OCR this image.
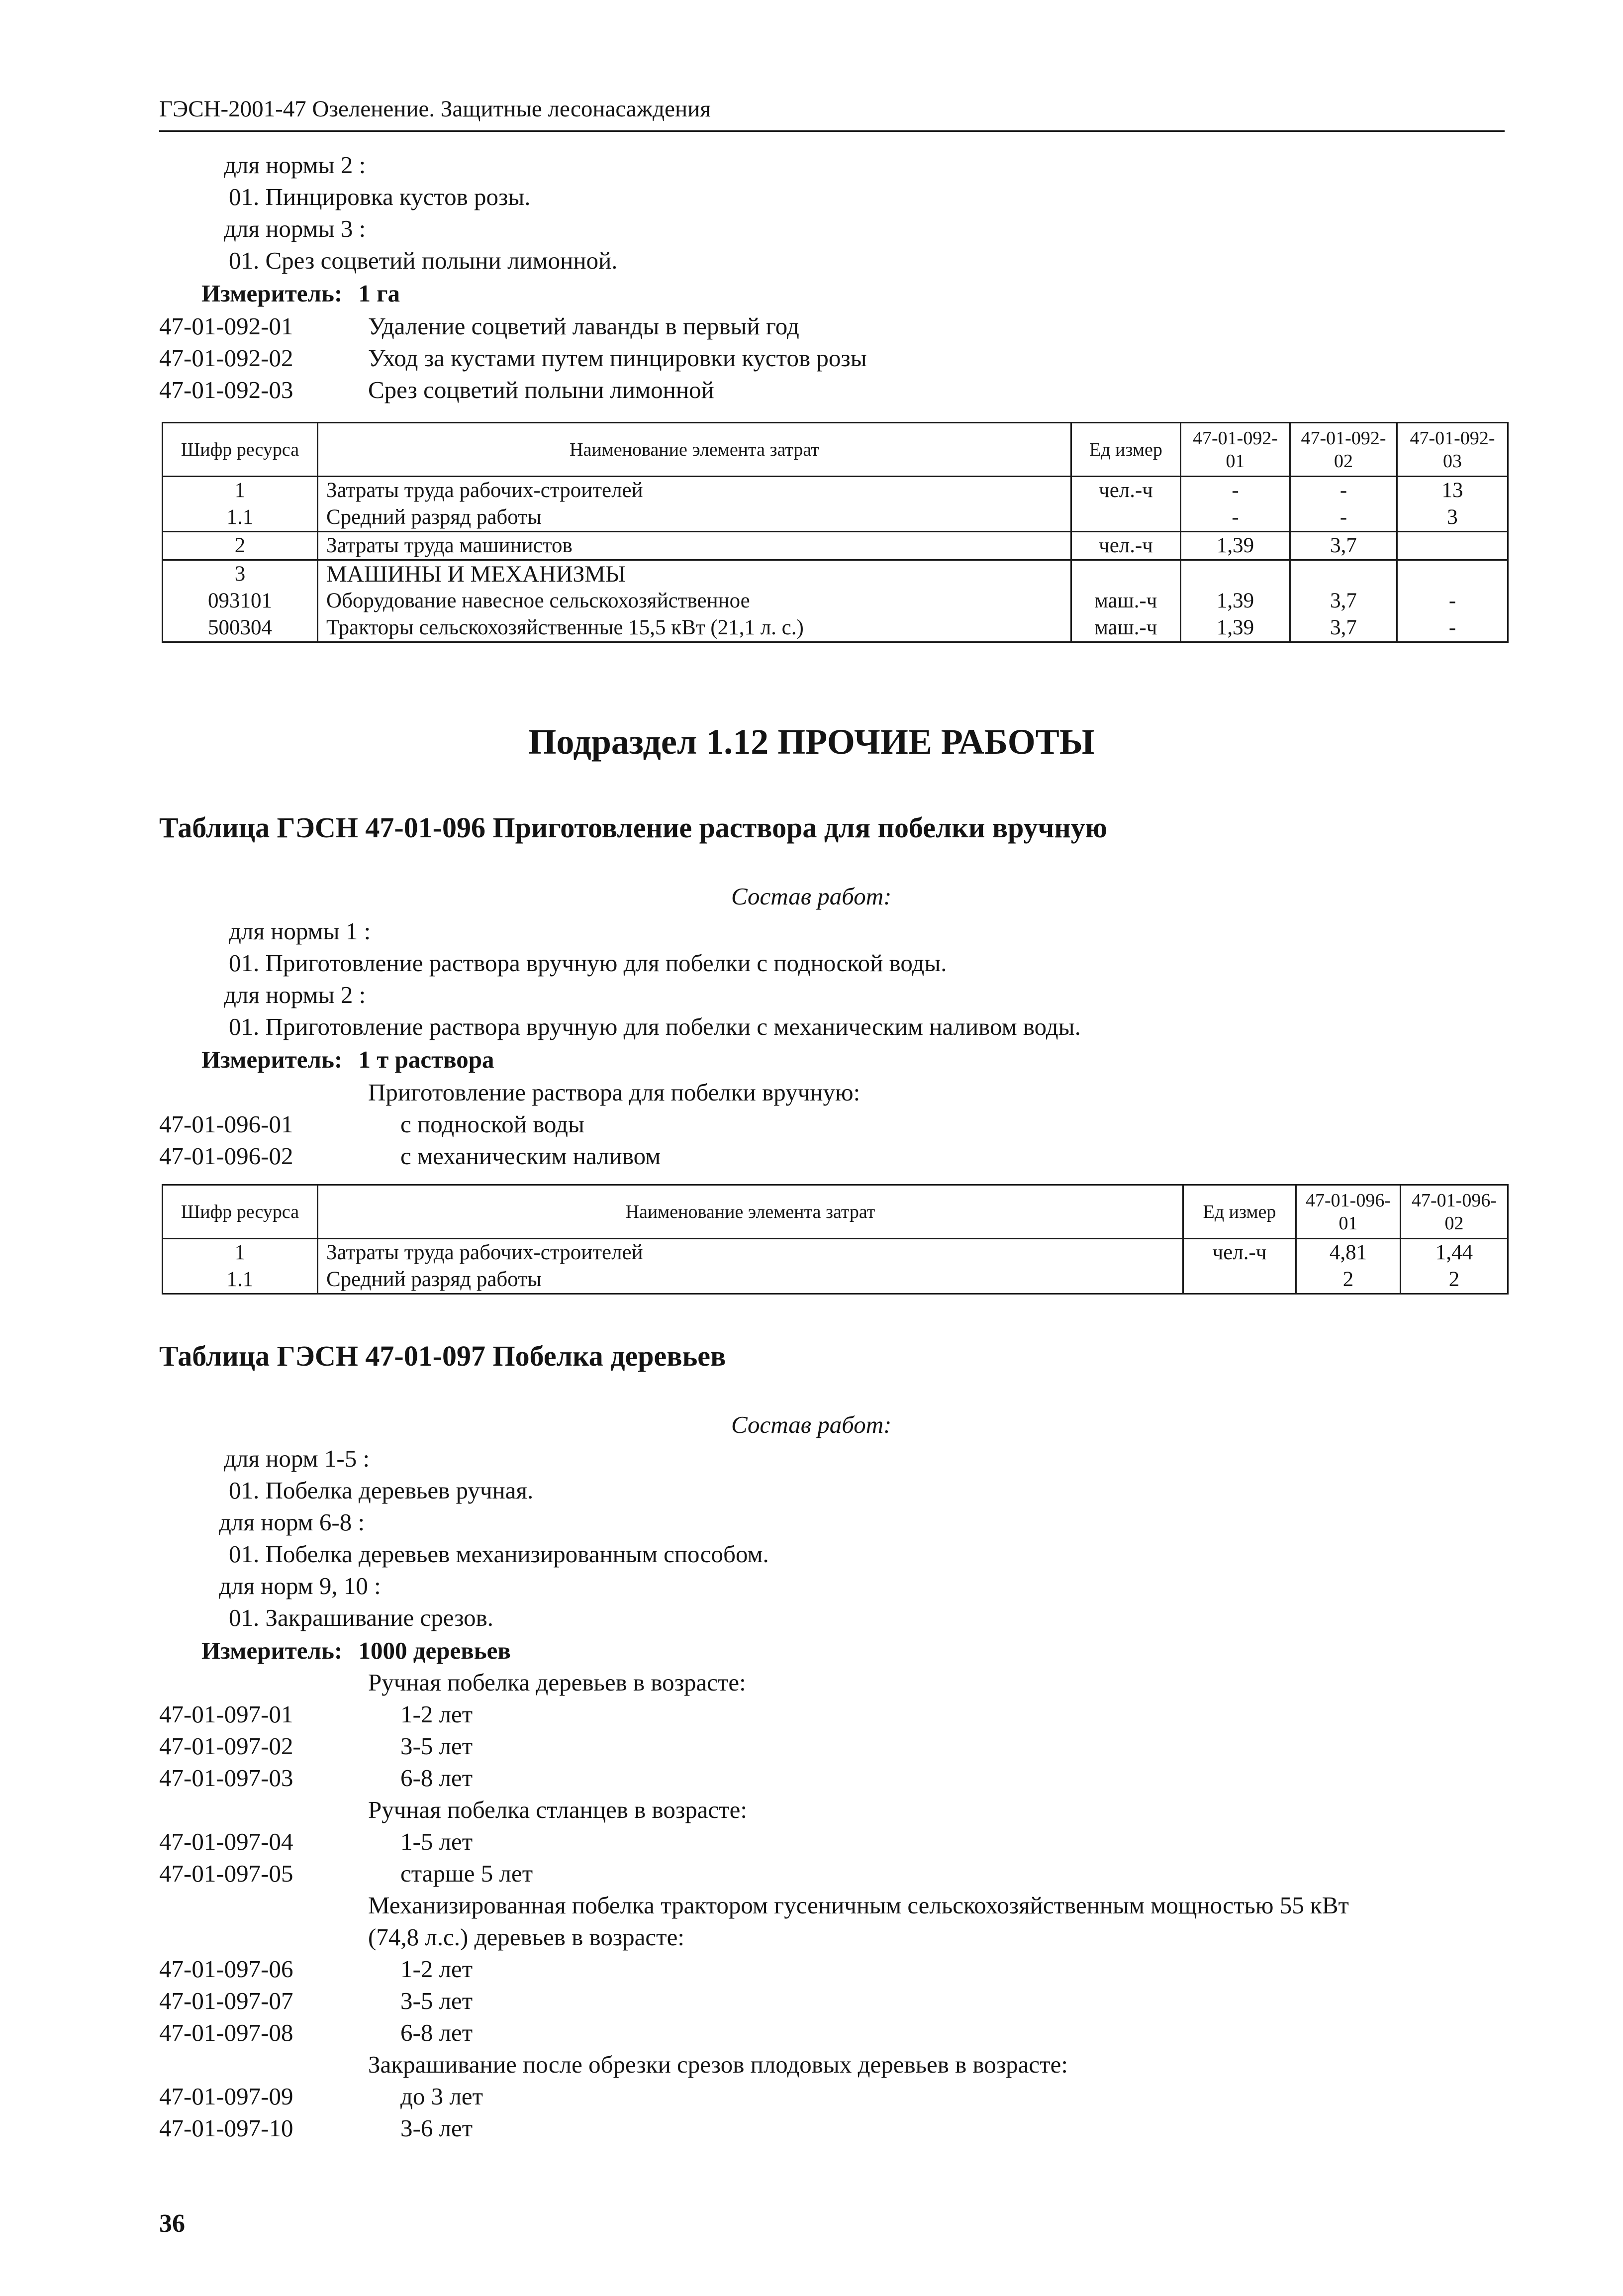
ГЭСН-2001-47 Озеленение. Защитные лесонасаждения
для нормы 2 :
01. Пинцировка кустов розы.
для нормы 3 :
01. Срез соцветий полыни лимонной.
Измеритель: 1 га
47-01-092-01	Удаление соцветий лаванды в первый год
47-01-092-02	Уход за кустами путем пинцировки кустов розы
47-01-092-03	Срез соцветий полыни лимонной
Шифр ресурса	Наименование элемента затрат	Ед измер	47-01-092-01	47-01-092-02	47-01-092-03
1	Затраты труда рабочих-строителей	чел.-ч	-	-	13
1.1	Средний разряд работы		-	-	3
2	Затраты труда машинистов	чел.-ч	1,39	3,7	
3	МАШИНЫ И МЕХАНИЗМЫ				
093101	Оборудование навесное сельскохозяйственное	маш.-ч	1,39	3,7	-
500304	Тракторы сельскохозяйственные 15,5 кВт (21,1 л. с.)	маш.-ч	1,39	3,7	-
Подраздел 1.12 ПРОЧИЕ РАБОТЫ
Таблица ГЭСН 47-01-096 Приготовление раствора для побелки вручную
Состав работ:
для нормы 1 :
01. Приготовление раствора вручную для побелки с подноской воды.
для нормы 2 :
01. Приготовление раствора вручную для побелки с механическим наливом воды.
Измеритель: 1 т раствора
Приготовление раствора для побелки вручную:
47-01-096-01	с подноской воды
47-01-096-02	с механическим наливом
Шифр ресурса	Наименование элемента затрат	Ед измер	47-01-096-01	47-01-096-02
1	Затраты труда рабочих-строителей	чел.-ч	4,81	1,44
1.1	Средний разряд работы		2	2
Таблица ГЭСН 47-01-097 Побелка деревьев
Состав работ:
для норм 1-5 :
01. Побелка деревьев ручная.
для норм 6-8 :
01. Побелка деревьев механизированным способом.
для норм 9, 10 :
01. Закрашивание срезов.
Измеритель: 1000 деревьев
Ручная побелка деревьев в возрасте:
47-01-097-01	1-2 лет
47-01-097-02	3-5 лет
47-01-097-03	6-8 лет
Ручная побелка стланцев в возрасте:
47-01-097-04	1-5 лет
47-01-097-05	старше 5 лет
Механизированная побелка трактором гусеничным сельскохозяйственным мощностью 55 кВт
(74,8 л.с.) деревьев в возрасте:
47-01-097-06	1-2 лет
47-01-097-07	3-5 лет
47-01-097-08	6-8 лет
Закрашивание после обрезки срезов плодовых деревьев в возрасте:
47-01-097-09	до 3 лет
47-01-097-10	3-6 лет
36
